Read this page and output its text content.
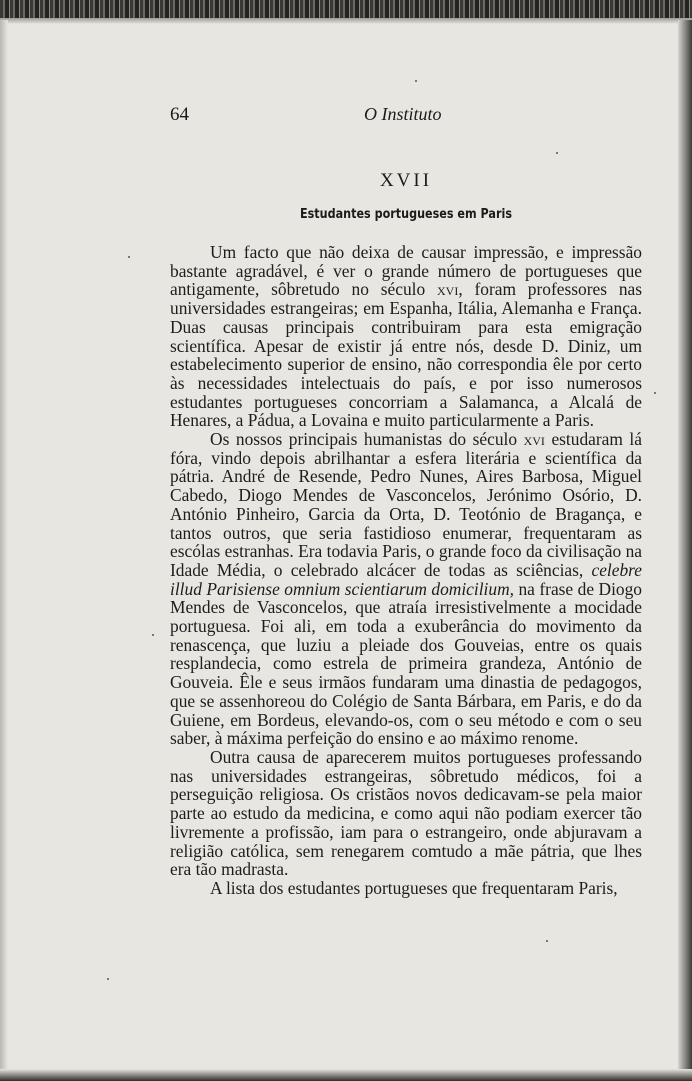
64	O Instituto
XVII
Estudantes portugueses em Paris

Um facto que não deixa de causar impressão, e impressão bastante agradável, é ver o grande número de portugueses que antigamente, sôbretudo no século xvi, foram professores nas universidades estrangeiras; em Espanha, Itália, Alemanha e França. Duas causas principais contribuiram para esta emigração scientífica. Apesar de existir já entre nós, desde D. Diniz, um estabelecimento superior de ensino, não correspondia êle por certo às necessidades intelectuais do país, e por isso numerosos estudantes portugueses concorriam a Salamanca, a Alcalá de Henares, a Pádua, a Lovaina e muito particularmente a Paris.

Os nossos principais humanistas do século xvi estudaram lá fóra, vindo depois abrilhantar a esfera literária e scientífica da pátria. André de Resende, Pedro Nunes, Aires Barbosa, Miguel Cabedo, Diogo Mendes de Vasconcelos, Jerónimo Osório, D. António Pinheiro, Garcia da Orta, D. Teotónio de Bragança, e tantos outros, que seria fastidioso enumerar, frequentaram as escólas estranhas. Era todavia Paris, o grande foco da civilisação na Idade Média, o celebrado alcácer de todas as sciências, celebre illud Parisiense omnium scientiarum domicilium, na frase de Diogo Mendes de Vasconcelos, que atraía irresistivelmente a mocidade portuguesa. Foi ali, em toda a exuberância do movimento da renascença, que luziu a pleiade dos Gouveias, entre os quais resplandecia, como estrela de primeira grandeza, António de Gouveia. Êle e seus irmãos fundaram uma dinastia de pedagogos, que se assenhoreou do Colégio de Santa Bárbara, em Paris, e do da Guiene, em Bordeus, elevando-os, com o seu método e com o seu saber, à máxima perfeição do ensino e ao máximo renome.

Outra causa de aparecerem muitos portugueses professando nas universidades estrangeiras, sôbretudo médicos, foi a perseguição religiosa. Os cristãos novos dedicavam-se pela maior parte ao estudo da medicina, e como aqui não podiam exercer tão livremente a profissão, iam para o estrangeiro, onde abjuravam a religião católica, sem renegarem comtudo a mãe pátria, que lhes era tão madrasta.

A lista dos estudantes portugueses que frequentaram Paris,
